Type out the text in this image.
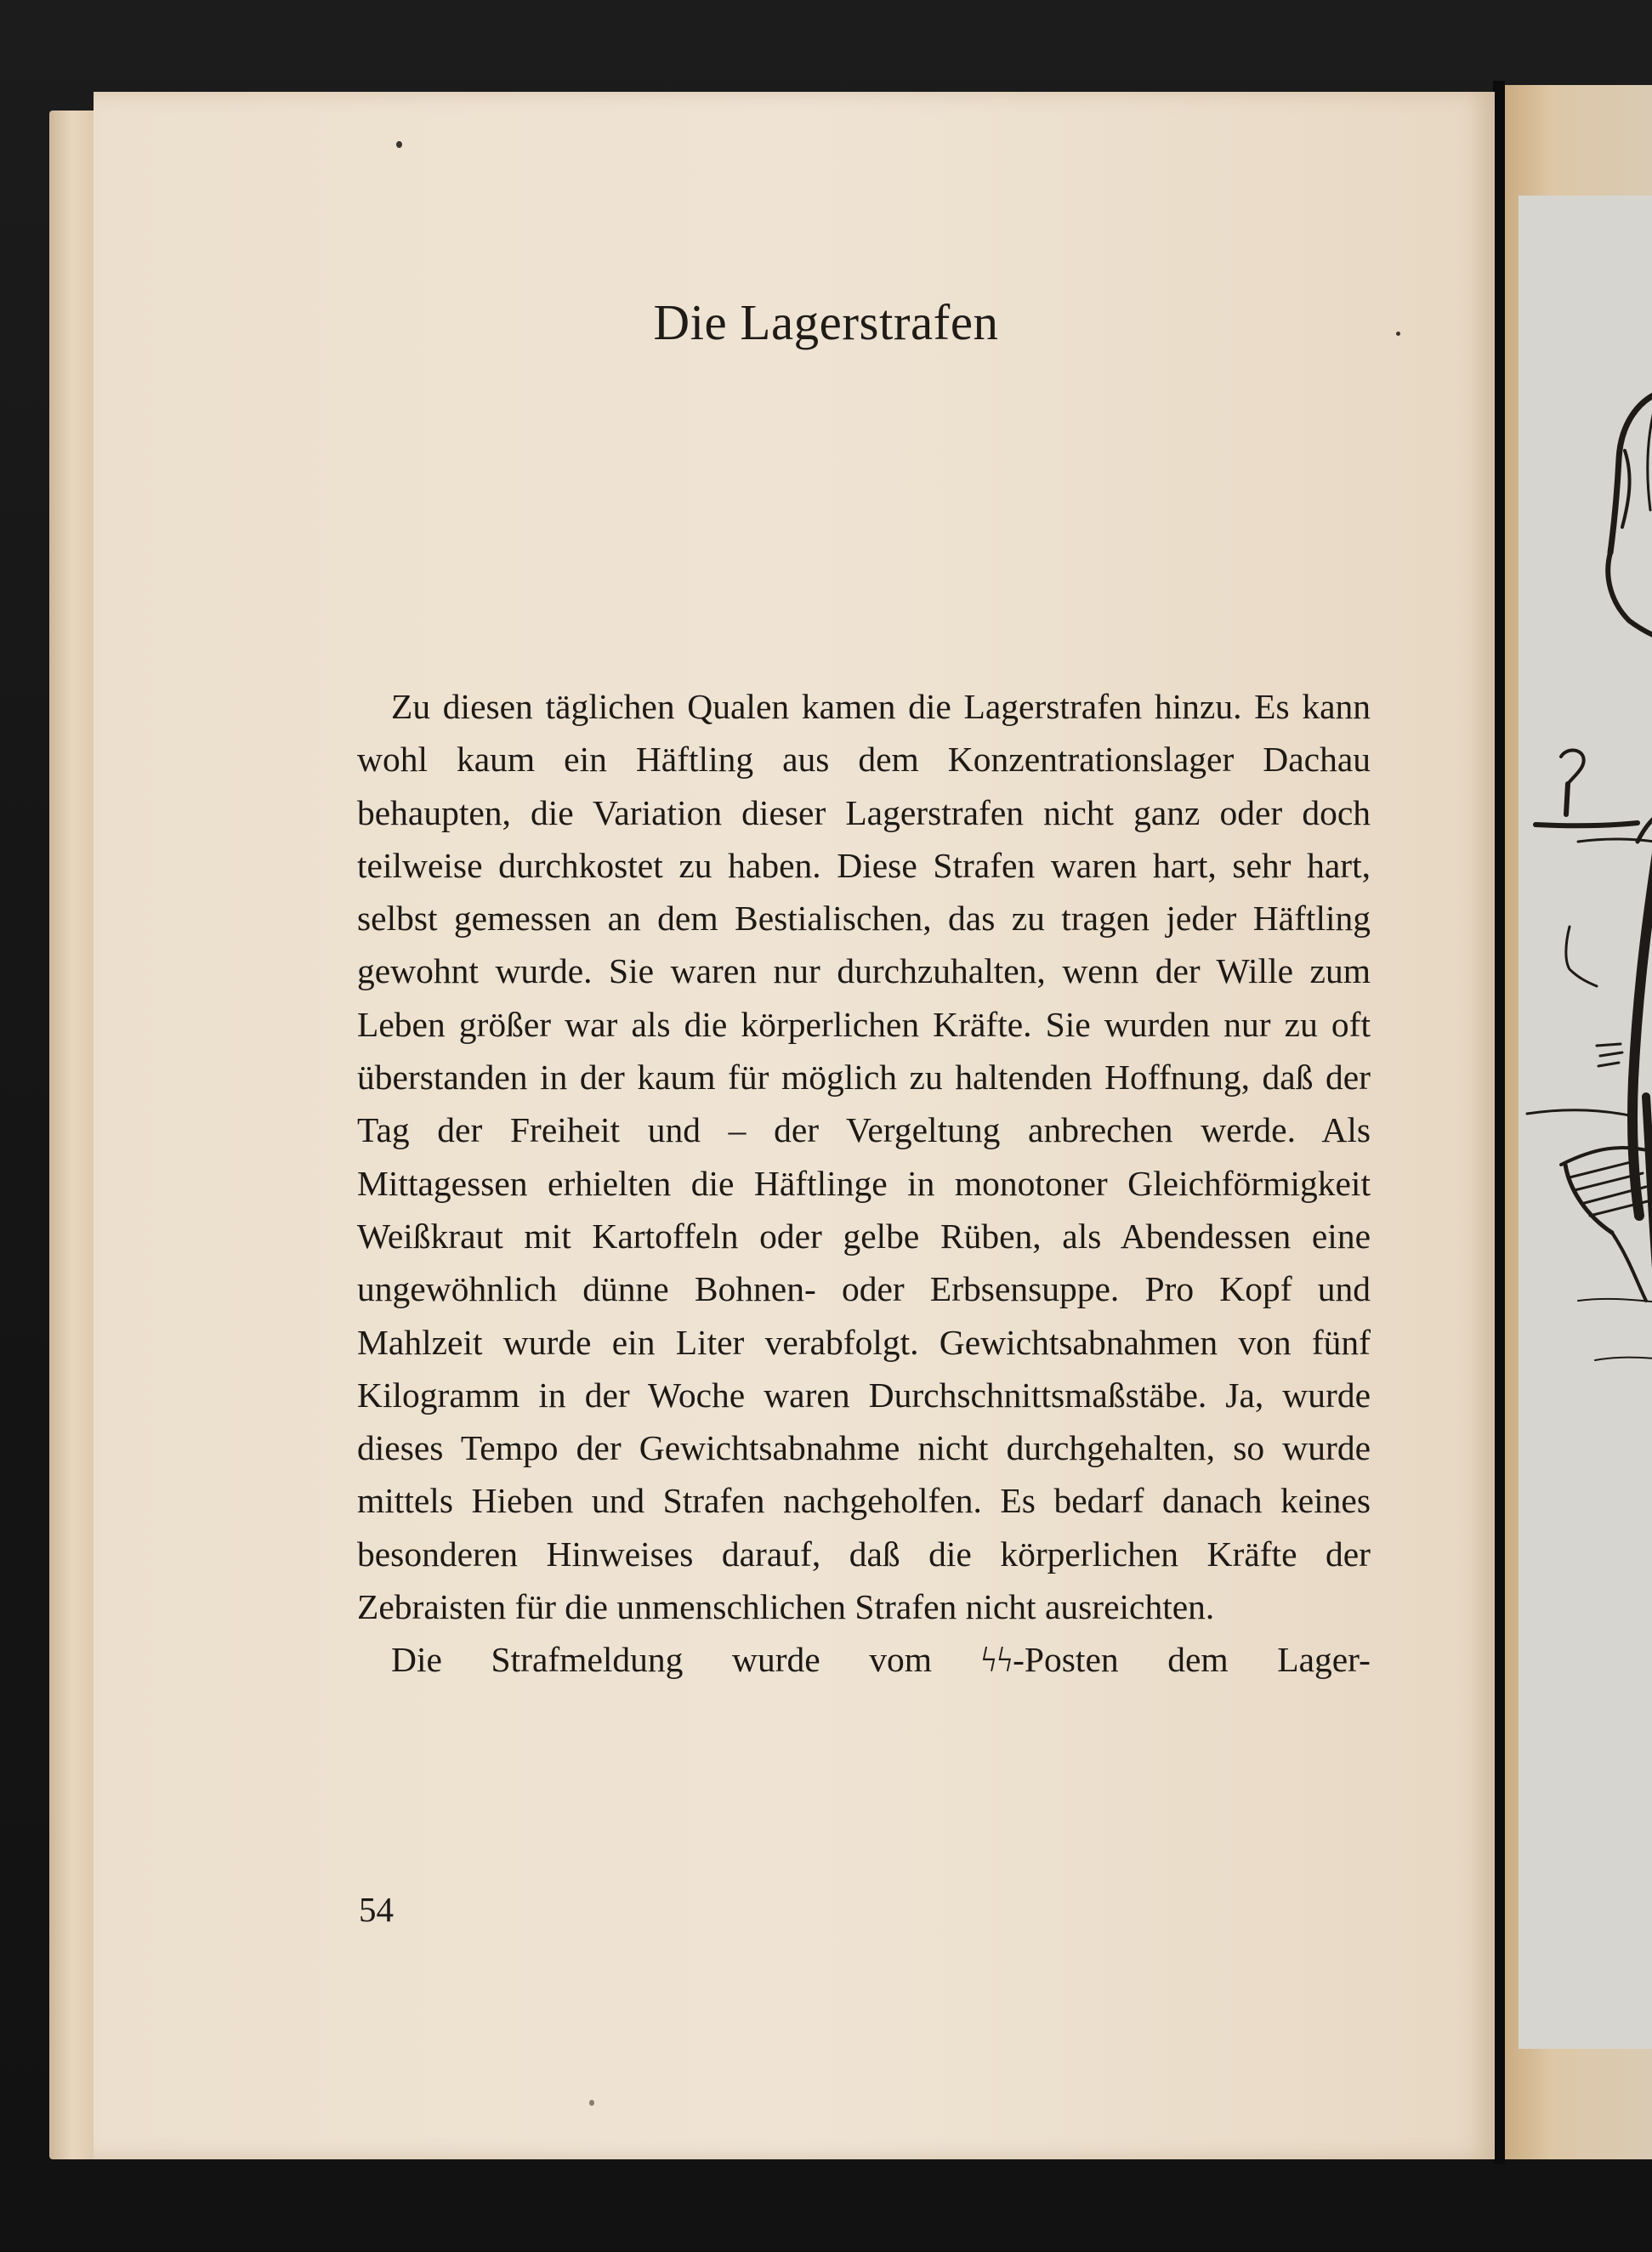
Die Lagerstrafen

Zu diesen täglichen Qualen kamen die Lagerstrafen hinzu. Es kann wohl kaum ein Häftling aus dem Konzentrationslager Dachau behaupten, die Variation dieser Lagerstrafen nicht ganz oder doch teilweise durchkostet zu haben. Diese Strafen waren hart, sehr hart, selbst gemessen an dem Bestialischen, das zu tragen jeder Häftling gewohnt wurde. Sie waren nur durchzuhalten, wenn der Wille zum Leben größer war als die körperlichen Kräfte. Sie wurden nur zu oft überstanden in der kaum für möglich zu haltenden Hoffnung, daß der Tag der Freiheit und – der Vergeltung anbrechen werde. Als Mittagessen erhielten die Häftlinge in monotoner Gleichförmigkeit Weißkraut mit Kartoffeln oder gelbe Rüben, als Abendessen eine ungewöhnlich dünne Bohnen- oder Erbsensuppe. Pro Kopf und Mahlzeit wurde ein Liter verabfolgt. Gewichtsabnahmen von fünf Kilogramm in der Woche waren Durchschnittsmaßstäbe. Ja, wurde dieses Tempo der Gewichtsabnahme nicht durchgehalten, so wurde mittels Hieben und Strafen nachgeholfen. Es bedarf danach keines besonderen Hinweises darauf, daß die körperlichen Kräfte der Zebraisten für die unmenschlichen Strafen nicht ausreichten.

Die Strafmeldung wurde vom ϟϟ-Posten dem Lager-

54
